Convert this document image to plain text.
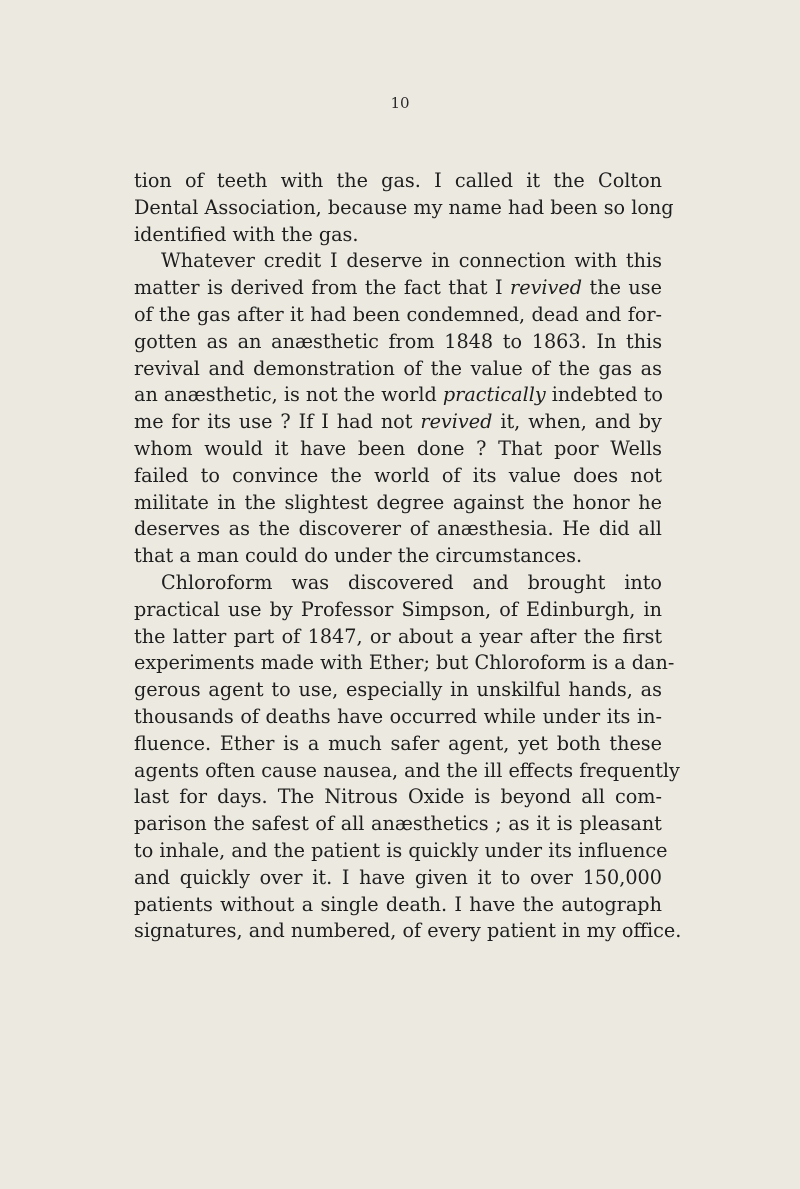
10
tion of teeth with the gas. I called it the Colton
Dental Association, because my name had been so long
identified with the gas.
Whatever credit I deserve in connection with this
matter is derived from the fact that I revived the use
of the gas after it had been condemned, dead and for-
gotten as an anæsthetic from 1848 to 1863. In this
revival and demonstration of the value of the gas as
an anæsthetic, is not the world practically indebted to
me for its use ? If I had not revived it, when, and by
whom would it have been done ? That poor Wells
failed to convince the world of its value does not
militate in the slightest degree against the honor he
deserves as the discoverer of anæsthesia. He did all
that a man could do under the circumstances.
Chloroform was discovered and brought into
practical use by Professor Simpson, of Edinburgh, in
the latter part of 1847, or about a year after the first
experiments made with Ether; but Chloroform is a dan-
gerous agent to use, especially in unskilful hands, as
thousands of deaths have occurred while under its in-
fluence. Ether is a much safer agent, yet both these
agents often cause nausea, and the ill effects frequently
last for days. The Nitrous Oxide is beyond all com-
parison the safest of all anæsthetics ; as it is pleasant
to inhale, and the patient is quickly under its influence
and quickly over it. I have given it to over 150,000
patients without a single death. I have the autograph
signatures, and numbered, of every patient in my office.
